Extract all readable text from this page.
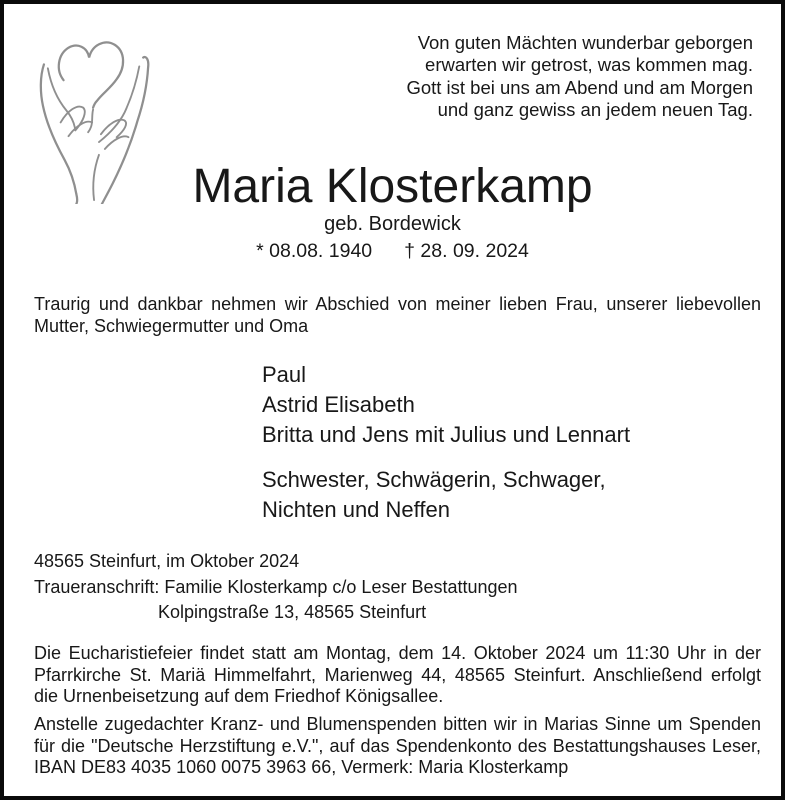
Von guten Mächten wunderbar geborgen
erwarten wir getrost, was kommen mag.
Gott ist bei uns am Abend und am Morgen
und ganz gewiss an jedem neuen Tag.
Maria Klosterkamp
geb. Bordewick
* 08.08. 1940 † 28. 09. 2024
Traurig und dankbar nehmen wir Abschied von meiner lieben Frau, unserer liebevollen
Mutter, Schwiegermutter und Oma
Paul
Astrid Elisabeth
Britta und Jens mit Julius und Lennart
Schwester, Schwägerin, Schwager,
Nichten und Neffen
48565 Steinfurt, im Oktober 2024
Traueranschrift: Familie Klosterkamp c/o Leser Bestattungen
Kolpingstraße 13, 48565 Steinfurt
Die Eucharistiefeier findet statt am Montag, dem 14. Oktober 2024 um 11:30 Uhr in der
Pfarrkirche St. Mariä Himmelfahrt, Marienweg 44, 48565 Steinfurt. Anschließend erfolgt
die Urnenbeisetzung auf dem Friedhof Königsallee.
Anstelle zugedachter Kranz- und Blumenspenden bitten wir in Marias Sinne um Spenden
für die "Deutsche Herzstiftung e.V.", auf das Spendenkonto des Bestattungshauses Leser,
IBAN DE83 4035 1060 0075 3963 66, Vermerk: Maria Klosterkamp
